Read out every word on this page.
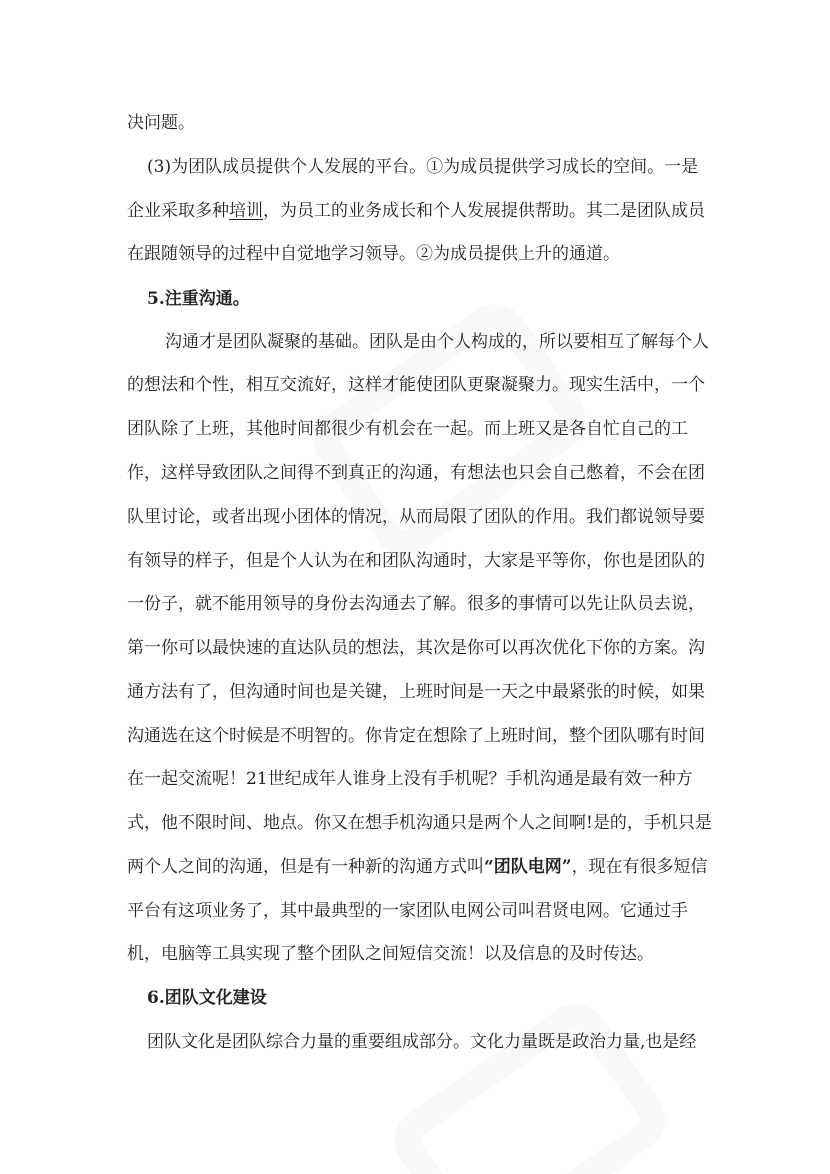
决问题。
(3)为团队成员提供个人发展的平台。①为成员提供学习成长的空间。一是
企业采取多种培训，为员工的业务成长和个人发展提供帮助。其二是团队成员
在跟随领导的过程中自觉地学习领导。②为成员提供上升的通道。
5.注重沟通。
沟通才是团队凝聚的基础。团队是由个人构成的，所以要相互了解每个人
的想法和个性，相互交流好，这样才能使团队更聚凝聚力。现实生活中，一个
团队除了上班，其他时间都很少有机会在一起。而上班又是各自忙自己的工
作，这样导致团队之间得不到真正的沟通，有想法也只会自己憋着，不会在团
队里讨论，或者出现小团体的情况，从而局限了团队的作用。我们都说领导要
有领导的样子，但是个人认为在和团队沟通时，大家是平等你，你也是团队的
一份子，就不能用领导的身份去沟通去了解。很多的事情可以先让队员去说，
第一你可以最快速的直达队员的想法，其次是你可以再次优化下你的方案。沟
通方法有了，但沟通时间也是关键，上班时间是一天之中最紧张的时候，如果
沟通选在这个时候是不明智的。你肯定在想除了上班时间，整个团队哪有时间
在一起交流呢！21世纪成年人谁身上没有手机呢？手机沟通是最有效一种方
式，他不限时间、地点。你又在想手机沟通只是两个人之间啊!是的，手机只是
两个人之间的沟通，但是有一种新的沟通方式叫“团队电网”，现在有很多短信
平台有这项业务了，其中最典型的一家团队电网公司叫君贤电网。它通过手
机，电脑等工具实现了整个团队之间短信交流！以及信息的及时传达。
6.团队文化建设
团队文化是团队综合力量的重要组成部分。文化力量既是政治力量,也是经
